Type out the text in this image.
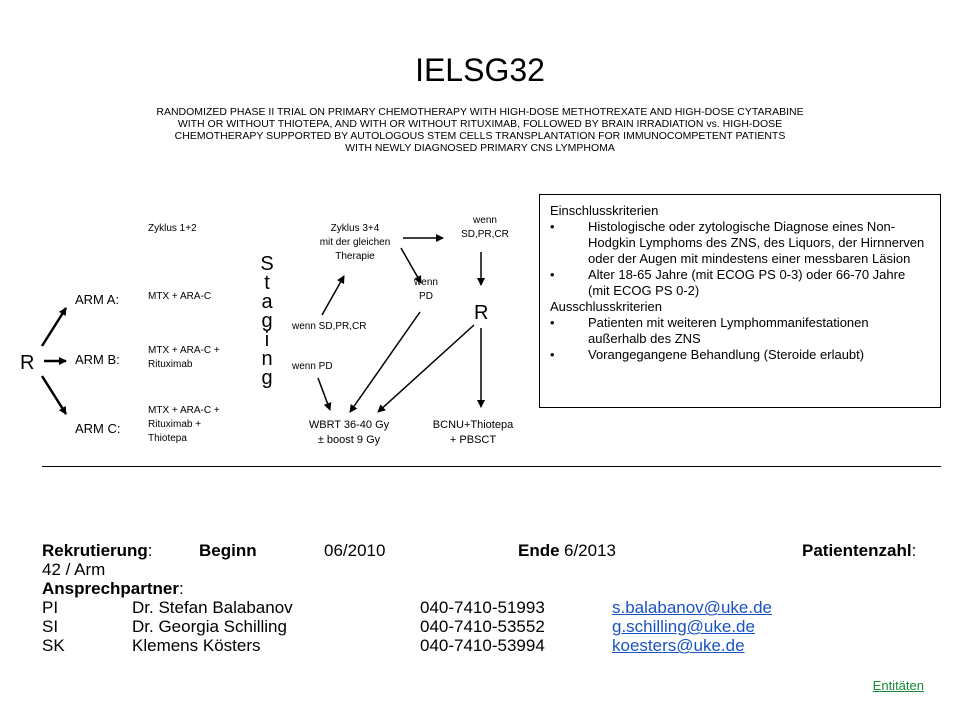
IELSG32
RANDOMIZED PHASE II TRIAL ON PRIMARY CHEMOTHERAPY WITH HIGH-DOSE METHOTREXATE AND HIGH-DOSE CYTARABINE
WITH OR WITHOUT THIOTEPA, AND WITH OR WITHOUT RITUXIMAB, FOLLOWED BY BRAIN IRRADIATION vs. HIGH-DOSE
CHEMOTHERAPY SUPPORTED BY AUTOLOGOUS STEM CELLS TRANSPLANTATION FOR IMMUNOCOMPETENT PATIENTS
WITH NEWLY DIAGNOSED PRIMARY CNS LYMPHOMA
R
ARM A:
ARM B:
ARM C:
Zyklus 1+2
MTX + ARA-C
MTX + ARA-C +
Rituximab
MTX + ARA-C +
Rituximab +
Thiotepa
S
t
a
g
i
n
g
Zyklus 3+4
mit der gleichen
Therapie
wenn
SD,PR,CR
wenn
PD
R
wenn SD,PR,CR
wenn PD
WBRT 36-40 Gy
± boost 9 Gy
BCNU+Thiotepa
+ PBSCT
Einschlusskriterien
•	Histologische oder zytologische Diagnose eines Non-Hodgkin Lymphoms des ZNS, des Liquors, der Hirnnerven oder der Augen mit mindestens einer messbaren Läsion
•	Alter 18-65 Jahre (mit ECOG PS 0-3) oder 66-70 Jahre (mit ECOG PS 0-2)
Ausschlusskriterien
•	Patienten mit weiteren Lymphommanifestationen außerhalb des ZNS
•	Vorangegangene Behandlung (Steroide erlaubt)
Rekrutierung:	Beginn	06/2010	Ende 6/2013	Patientenzahl:
42 / Arm
Ansprechpartner:
PI	Dr. Stefan Balabanov	040-7410-51993	s.balabanov@uke.de
SI	Dr. Georgia Schilling	040-7410-53552	g.schilling@uke.de
SK	Klemens Kösters	040-7410-53994	koesters@uke.de
Entitäten
